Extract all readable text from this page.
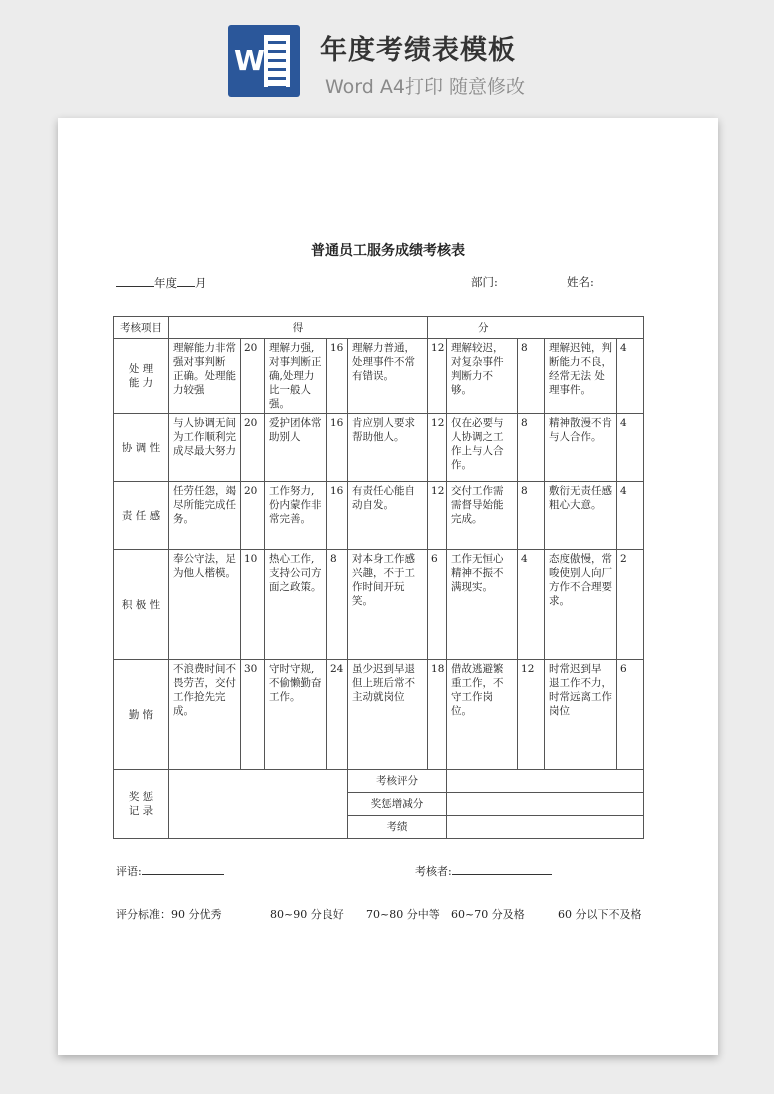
W 年度考绩表模板
Word A4打印 随意修改
普通员工服务成绩考核表
年度 月	部门:	姓名:
考核项目	得					分				
处 理
能 力	理解能力非常强对事判断 正确。处理能力较强	20	理解力强,对事判断正确,处理力比一般人强。	16	理解力普通，处理事件不常有错误。	12	理解较迟，对复杂事件判断力不够。	8	理解迟钝，判断能力不良，经常无法 处理事件。	4
协 调 性	与人协调无间为工作顺利完成尽最大努力	20	爱护团体常助别人	16	肯应别人要求帮助他人。	12	仅在必要与人协调之工作上与人合作。	8	精神散漫不肯与人合作。	4
责 任 感	任劳任怨，竭尽所能完成任务。	20	工作努力,份内蒙作非常完善。	16	有责任心能自动自发。	12	交付工作需需督导始能完成。	8	敷衍无责任感粗心大意。	4
积 极 性	奉公守法，足为他人楷模。	10	热心工作,支持公司方面之政策。	8	对本身工作感兴趣，不于工作时间开玩笑。	6	工作无恒心精神不振不满现实。	4	态度傲慢，常唆使别人向厂方作不合理要求。	2
勤 惰	不浪费时间不畏劳苦，交付工作抢先完成。	30	守时守规,不偷懒勤奋工作。	24	虽少迟到早退但上班后常不主动就岗位	18	借故逃避繁重工作，不守工作岗位。	12	时常迟到早 退工作不力，时常远离工作岗位	6
奖 惩
记 录					考核评分					
					奖惩增减分					
					考绩					
评语:	考核者:
评分标准：90 分优秀	80~90 分良好 70~80 分中等 60~70 分及格	60 分以下不及格
